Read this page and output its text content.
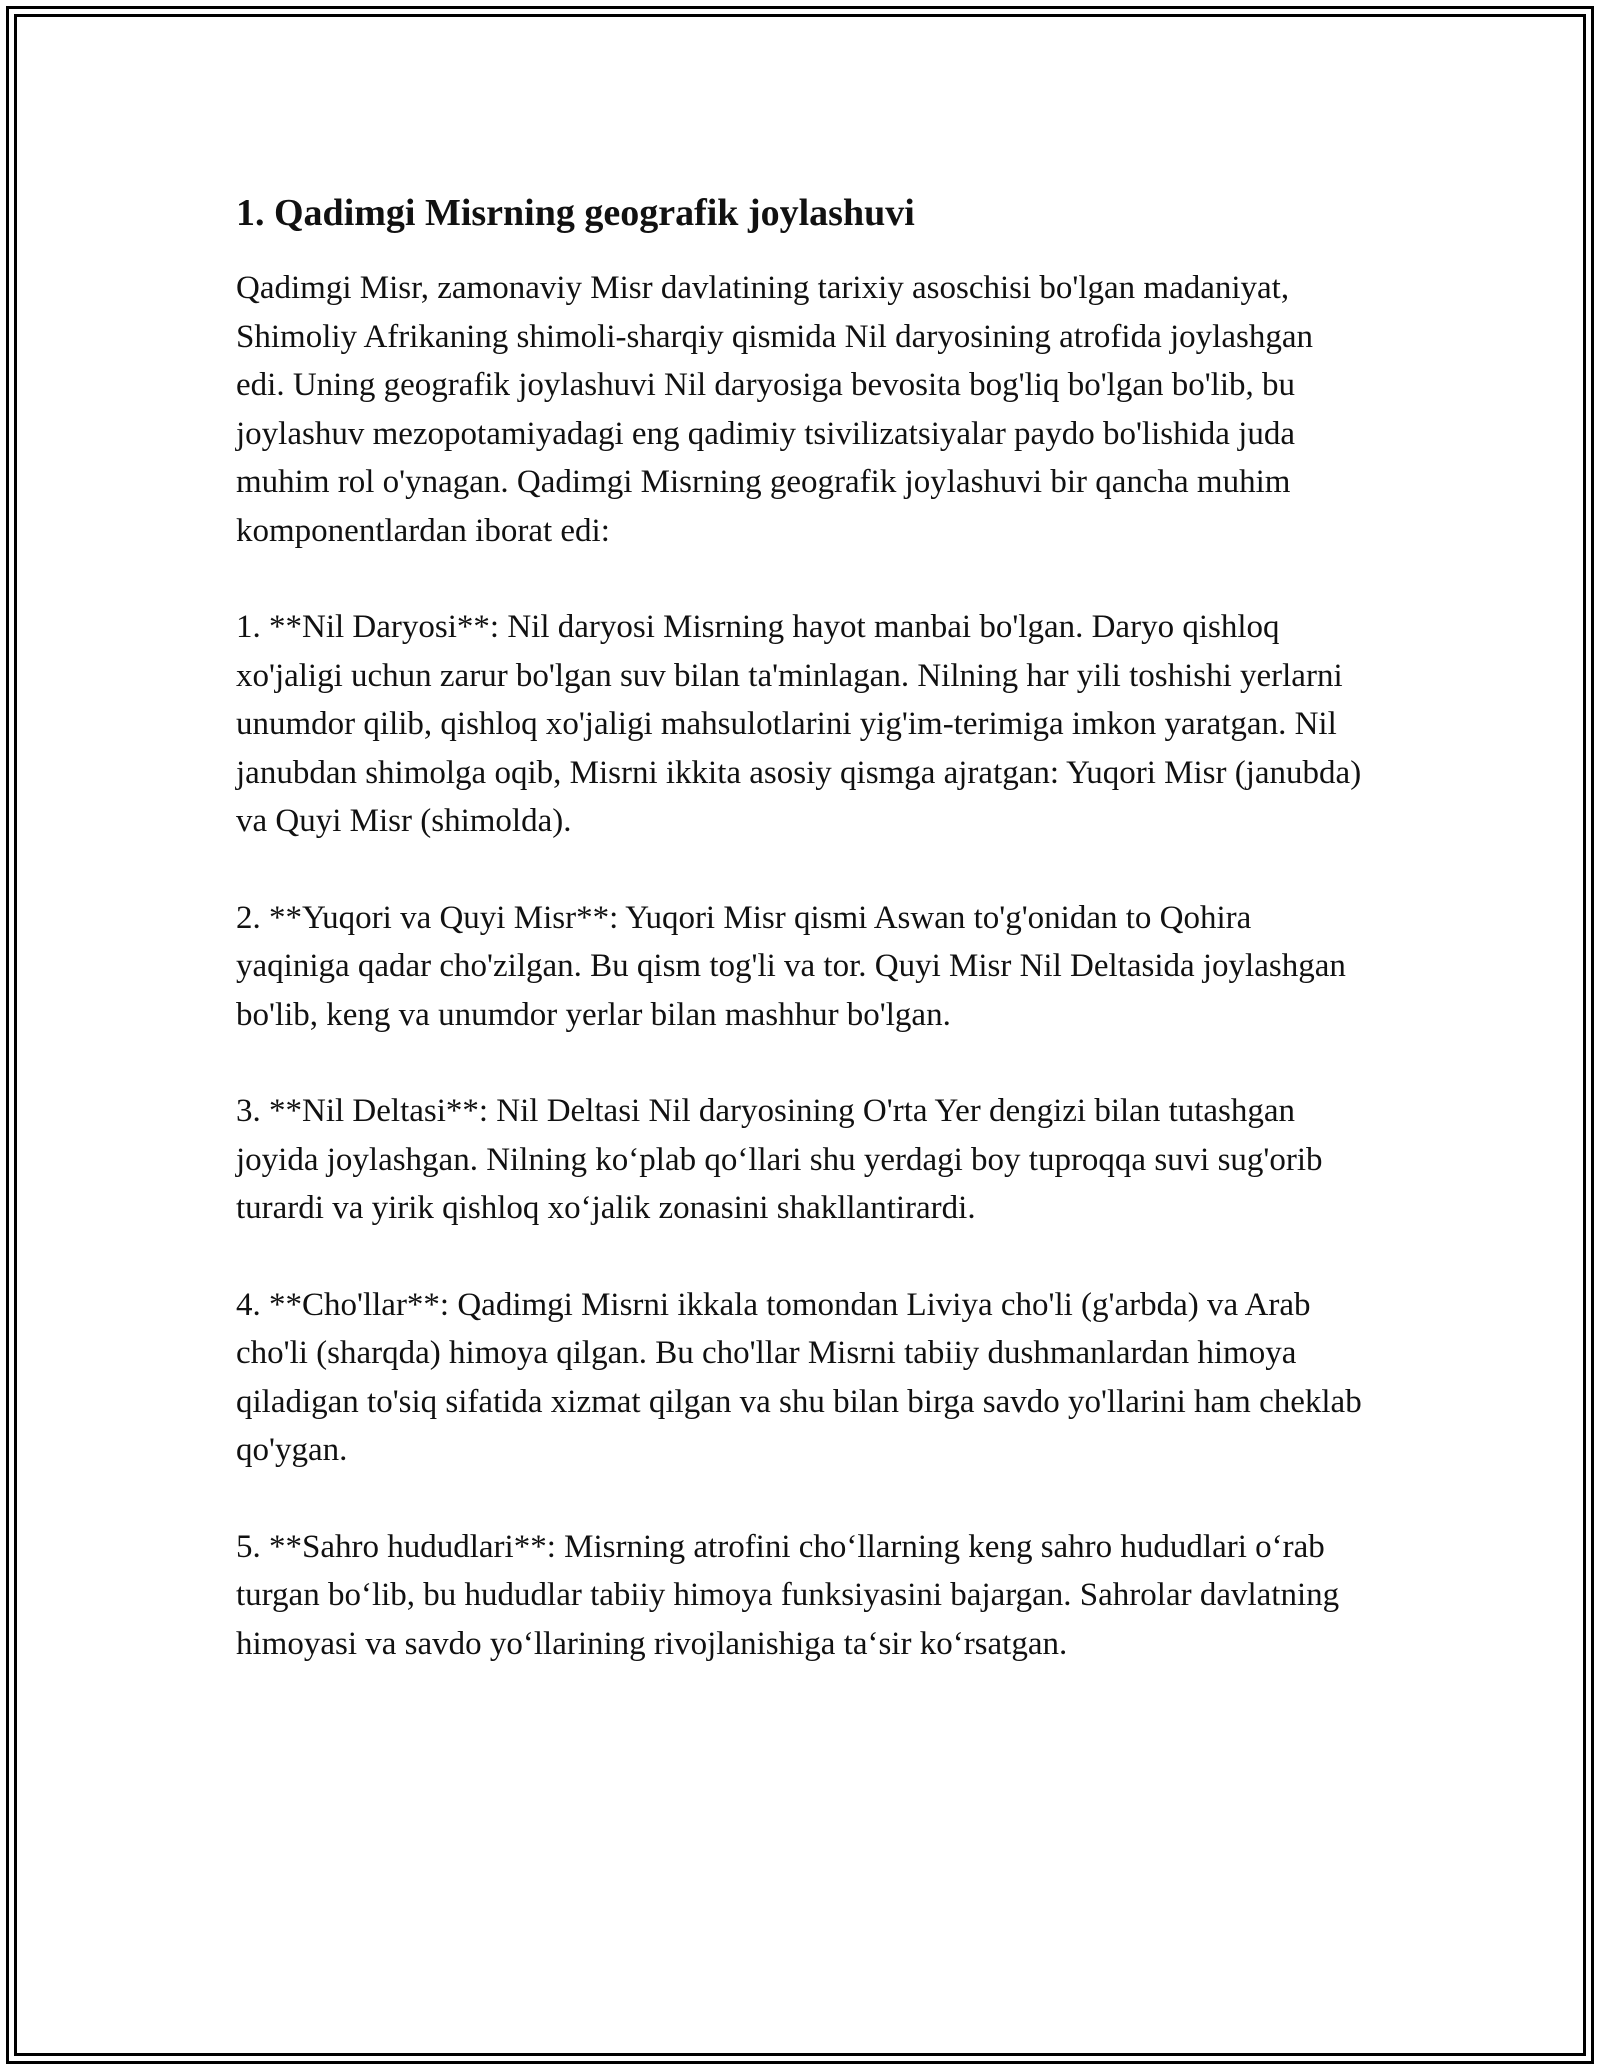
1. Qadimgi Misrning geografik joylashuvi

Qadimgi Misr, zamonaviy Misr davlatining tarixiy asoschisi bo'lgan madaniyat, Shimoliy Afrikaning shimoli-sharqiy qismida Nil daryosining atrofida joylashgan edi. Uning geografik joylashuvi Nil daryosiga bevosita bog'liq bo'lgan bo'lib, bu joylashuv mezopotamiyadagi eng qadimiy tsivilizatsiyalar paydo bo'lishida juda muhim rol o'ynagan. Qadimgi Misrning geografik joylashuvi bir qancha muhim komponentlardan iborat edi:

1. **Nil Daryosi**: Nil daryosi Misrning hayot manbai bo'lgan. Daryo qishloq xo'jaligi uchun zarur bo'lgan suv bilan ta'minlagan. Nilning har yili toshishi yerlarni unumdor qilib, qishloq xo'jaligi mahsulotlarini yig'im-terimiga imkon yaratgan. Nil janubdan shimolga oqib, Misrni ikkita asosiy qismga ajratgan: Yuqori Misr (janubda) va Quyi Misr (shimolda).

2. **Yuqori va Quyi Misr**: Yuqori Misr qismi Aswan to'g'onidan to Qohira yaqiniga qadar cho'zilgan. Bu qism tog'li va tor. Quyi Misr Nil Deltasida joylashgan bo'lib, keng va unumdor yerlar bilan mashhur bo'lgan.

3. **Nil Deltasi**: Nil Deltasi Nil daryosining O'rta Yer dengizi bilan tutashgan joyida joylashgan. Nilning ko‘plab qo‘llari shu yerdagi boy tuproqqa suvi sug'orib turardi va yirik qishloq xo‘jalik zonasini shakllantirardi.

4. **Cho'llar**: Qadimgi Misrni ikkala tomondan Liviya cho'li (g'arbda) va Arab cho'li (sharqda) himoya qilgan. Bu cho'llar Misrni tabiiy dushmanlardan himoya qiladigan to'siq sifatida xizmat qilgan va shu bilan birga savdo yo'llarini ham cheklab qo'ygan.

5. **Sahro hududlari**: Misrning atrofini cho‘llarning keng sahro hududlari o‘rab turgan bo‘lib, bu hududlar tabiiy himoya funksiyasini bajargan. Sahrolar davlatning himoyasi va savdo yo‘llarining rivojlanishiga ta‘sir ko‘rsatgan.
